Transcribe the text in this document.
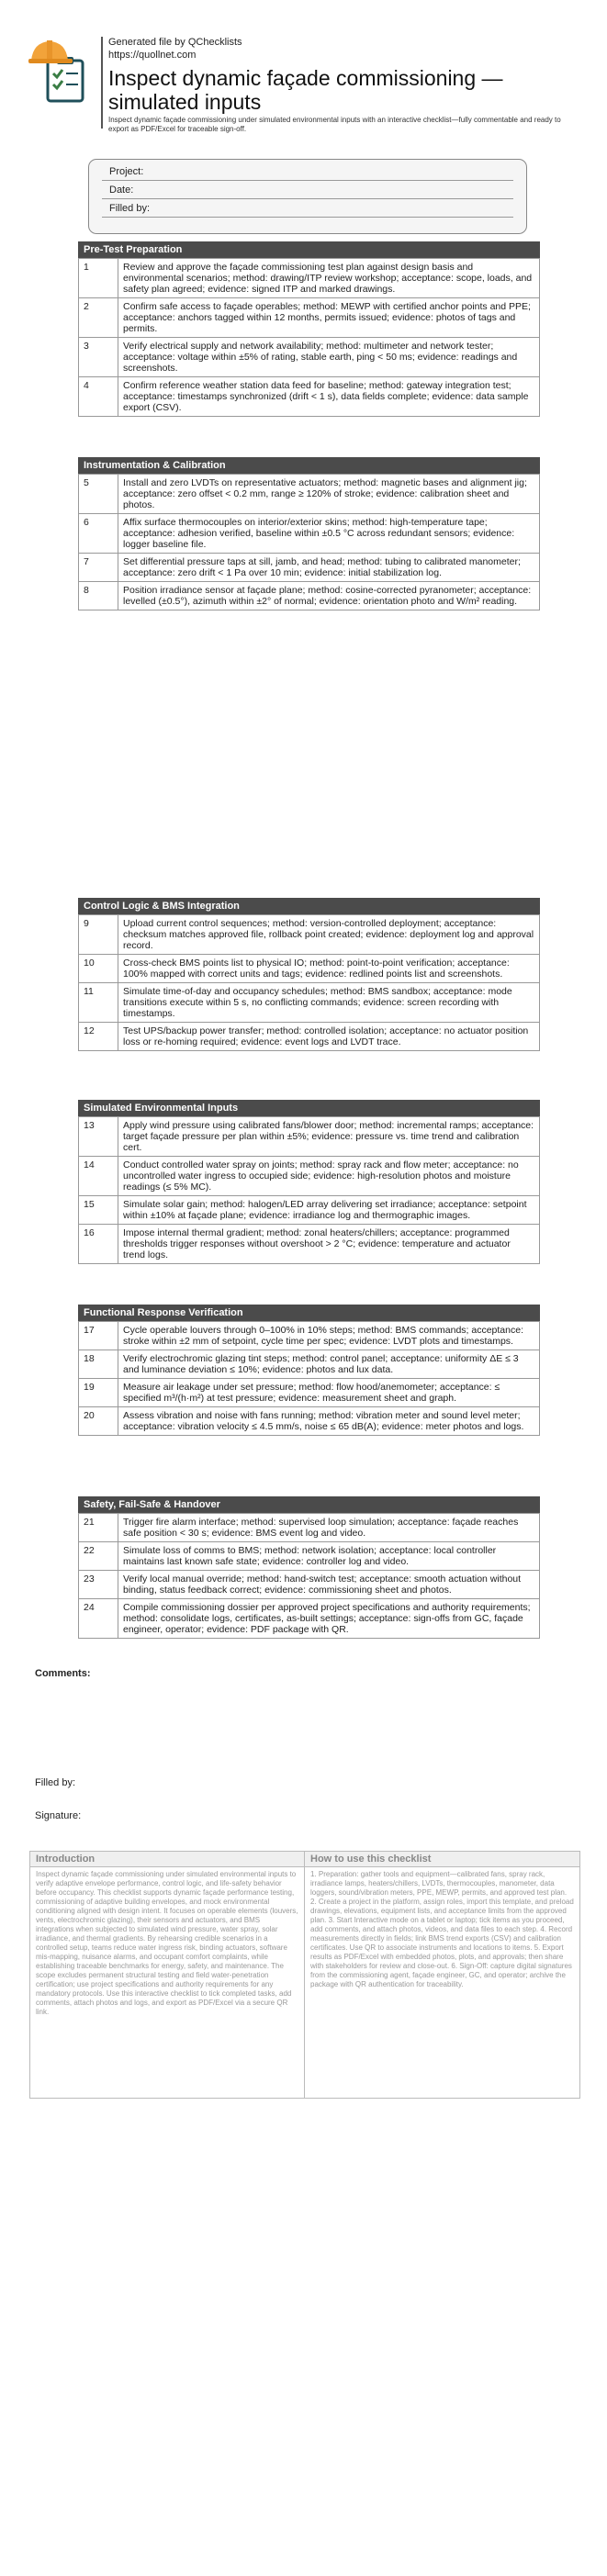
Generated file by QChecklists
https://quollnet.com
Inspect dynamic façade commissioning — simulated inputs
Inspect dynamic façade commissioning under simulated environmental inputs with an interactive checklist—fully commentable and ready to export as PDF/Excel for traceable sign-off.
Project:
Date:
Filled by:
Pre-Test Preparation
1	Review and approve the façade commissioning test plan against design basis and environmental scenarios; method: drawing/ITP review workshop; acceptance: scope, loads, and safety plan agreed; evidence: signed ITP and marked drawings.
2	Confirm safe access to façade operables; method: MEWP with certified anchor points and PPE; acceptance: anchors tagged within 12 months, permits issued; evidence: photos of tags and permits.
3	Verify electrical supply and network availability; method: multimeter and network tester; acceptance: voltage within ±5% of rating, stable earth, ping < 50 ms; evidence: readings and screenshots.
4	Confirm reference weather station data feed for baseline; method: gateway integration test; acceptance: timestamps synchronized (drift < 1 s), data fields complete; evidence: data sample export (CSV).
Instrumentation & Calibration
5	Install and zero LVDTs on representative actuators; method: magnetic bases and alignment jig; acceptance: zero offset < 0.2 mm, range ≥ 120% of stroke; evidence: calibration sheet and photos.
6	Affix surface thermocouples on interior/exterior skins; method: high-temperature tape; acceptance: adhesion verified, baseline within ±0.5 °C across redundant sensors; evidence: logger baseline file.
7	Set differential pressure taps at sill, jamb, and head; method: tubing to calibrated manometer; acceptance: zero drift < 1 Pa over 10 min; evidence: initial stabilization log.
8	Position irradiance sensor at façade plane; method: cosine-corrected pyranometer; acceptance: levelled (±0.5°), azimuth within ±2° of normal; evidence: orientation photo and W/m² reading.
Control Logic & BMS Integration
9	Upload current control sequences; method: version-controlled deployment; acceptance: checksum matches approved file, rollback point created; evidence: deployment log and approval record.
10	Cross-check BMS points list to physical IO; method: point-to-point verification; acceptance: 100% mapped with correct units and tags; evidence: redlined points list and screenshots.
11	Simulate time-of-day and occupancy schedules; method: BMS sandbox; acceptance: mode transitions execute within 5 s, no conflicting commands; evidence: screen recording with timestamps.
12	Test UPS/backup power transfer; method: controlled isolation; acceptance: no actuator position loss or re-homing required; evidence: event logs and LVDT trace.
Simulated Environmental Inputs
13	Apply wind pressure using calibrated fans/blower door; method: incremental ramps; acceptance: target façade pressure per plan within ±5%; evidence: pressure vs. time trend and calibration cert.
14	Conduct controlled water spray on joints; method: spray rack and flow meter; acceptance: no uncontrolled water ingress to occupied side; evidence: high-resolution photos and moisture readings (≤ 5% MC).
15	Simulate solar gain; method: halogen/LED array delivering set irradiance; acceptance: setpoint within ±10% at façade plane; evidence: irradiance log and thermographic images.
16	Impose internal thermal gradient; method: zonal heaters/chillers; acceptance: programmed thresholds trigger responses without overshoot > 2 °C; evidence: temperature and actuator trend logs.
Functional Response Verification
17	Cycle operable louvers through 0–100% in 10% steps; method: BMS commands; acceptance: stroke within ±2 mm of setpoint, cycle time per spec; evidence: LVDT plots and timestamps.
18	Verify electrochromic glazing tint steps; method: control panel; acceptance: uniformity ΔE ≤ 3 and luminance deviation ≤ 10%; evidence: photos and lux data.
19	Measure air leakage under set pressure; method: flow hood/anemometer; acceptance: ≤ specified m³/(h·m²) at test pressure; evidence: measurement sheet and graph.
20	Assess vibration and noise with fans running; method: vibration meter and sound level meter; acceptance: vibration velocity ≤ 4.5 mm/s, noise ≤ 65 dB(A); evidence: meter photos and logs.
Safety, Fail-Safe & Handover
21	Trigger fire alarm interface; method: supervised loop simulation; acceptance: façade reaches safe position < 30 s; evidence: BMS event log and video.
22	Simulate loss of comms to BMS; method: network isolation; acceptance: local controller maintains last known safe state; evidence: controller log and video.
23	Verify local manual override; method: hand-switch test; acceptance: smooth actuation without binding, status feedback correct; evidence: commissioning sheet and photos.
24	Compile commissioning dossier per approved project specifications and authority requirements; method: consolidate logs, certificates, as-built settings; acceptance: sign-offs from GC, façade engineer, operator; evidence: PDF package with QR.
Comments:
Filled by:
Signature:
Introduction
Inspect dynamic façade commissioning under simulated environmental inputs to verify adaptive envelope performance, control logic, and life-safety behavior before occupancy. This checklist supports dynamic façade performance testing, commissioning of adaptive building envelopes, and mock environmental conditioning aligned with design intent. It focuses on operable elements (louvers, vents, electrochromic glazing), their sensors and actuators, and BMS integrations when subjected to simulated wind pressure, water spray, solar irradiance, and thermal gradients. By rehearsing credible scenarios in a controlled setup, teams reduce water ingress risk, binding actuators, software mis-mapping, nuisance alarms, and occupant comfort complaints, while establishing traceable benchmarks for energy, safety, and maintenance. The scope excludes permanent structural testing and field water-penetration certification; use project specifications and authority requirements for any mandatory protocols. Use this interactive checklist to tick completed tasks, add comments, attach photos and logs, and export as PDF/Excel via a secure QR link.
How to use this checklist
1. Preparation: gather tools and equipment—calibrated fans, spray rack, irradiance lamps, heaters/chillers, LVDTs, thermocouples, manometer, data loggers, sound/vibration meters, PPE, MEWP, permits, and approved test plan. 2. Create a project in the platform, assign roles, import this template, and preload drawings, elevations, equipment lists, and acceptance limits from the approved plan. 3. Start Interactive mode on a tablet or laptop; tick items as you proceed, add comments, and attach photos, videos, and data files to each step. 4. Record measurements directly in fields; link BMS trend exports (CSV) and calibration certificates. Use QR to associate instruments and locations to items. 5. Export results as PDF/Excel with embedded photos, plots, and approvals; then share with stakeholders for review and close-out. 6. Sign-Off: capture digital signatures from the commissioning agent, façade engineer, GC, and operator; archive the package with QR authentication for traceability.
